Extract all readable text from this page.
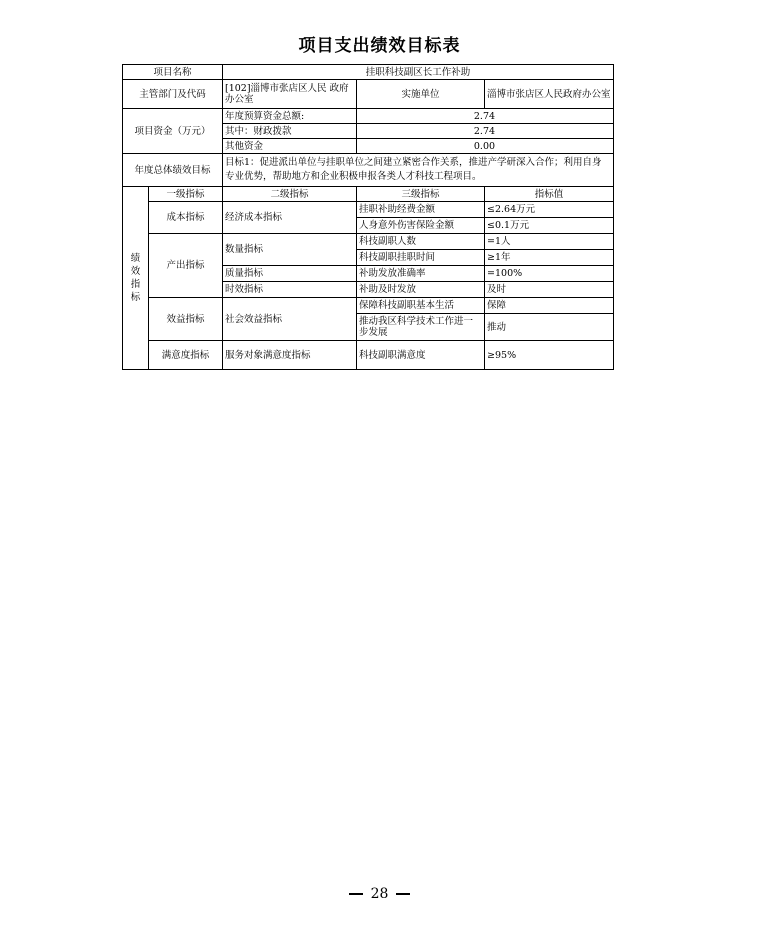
项目支出绩效目标表
项目名称		挂职科技副区长工作补助		
主管部门及代码		[102]淄博市张店区人民 政府办公室	实施单位	淄博市张店区人民政府办公室
项目资金（万元）		年度预算资金总额:	2.74	
		其中：财政拨款	2.74	
		其他资金	0.00	
年度总体绩效目标		目标1：促进派出单位与挂职单位之间建立紧密合作关系，推进产学研深入合作；利用自身专业优势，帮助地方和企业积极申报各类人才科技工程项目。		
绩
效
指
标	一级指标	二级指标	三级指标	指标值
	成本指标	经济成本指标	挂职补助经费金额	≤2.64万元
			人身意外伤害保险金额	≤0.1万元
	产出指标	数量指标	科技副职人数	=1人
			科技副职挂职时间	≥1年
		质量指标	补助发放准确率	=100%
		时效指标	补助及时发放	及时
	效益指标	社会效益指标	保障科技副职基本生活	保障
			推动我区科学技术工作进一步发展	推动
	满意度指标	服务对象满意度指标	科技副职满意度	≥95%
28
